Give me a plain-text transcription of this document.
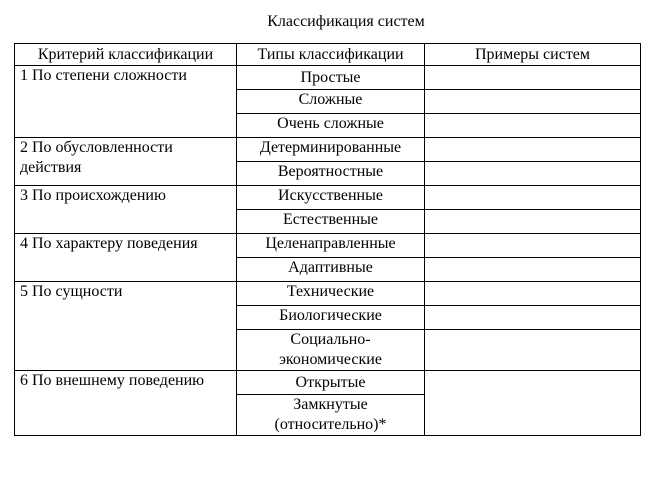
Классификация систем
Критерий классификации	Типы классификации	Примеры систем
1 По степени сложности	Простые	
	Сложные	
	Очень сложные	
2 По обусловленности действия	Детерминированные	
	Вероятностные	
3 По происхождению	Искусственные	
	Естественные	
4 По характеру поведения	Целенаправленные	
	Адаптивные	
5 По сущности	Технические	
	Биологические	
	Социально-экономические	
6 По внешнему поведению	Открытые	
	Замкнутые (относительно)*	
